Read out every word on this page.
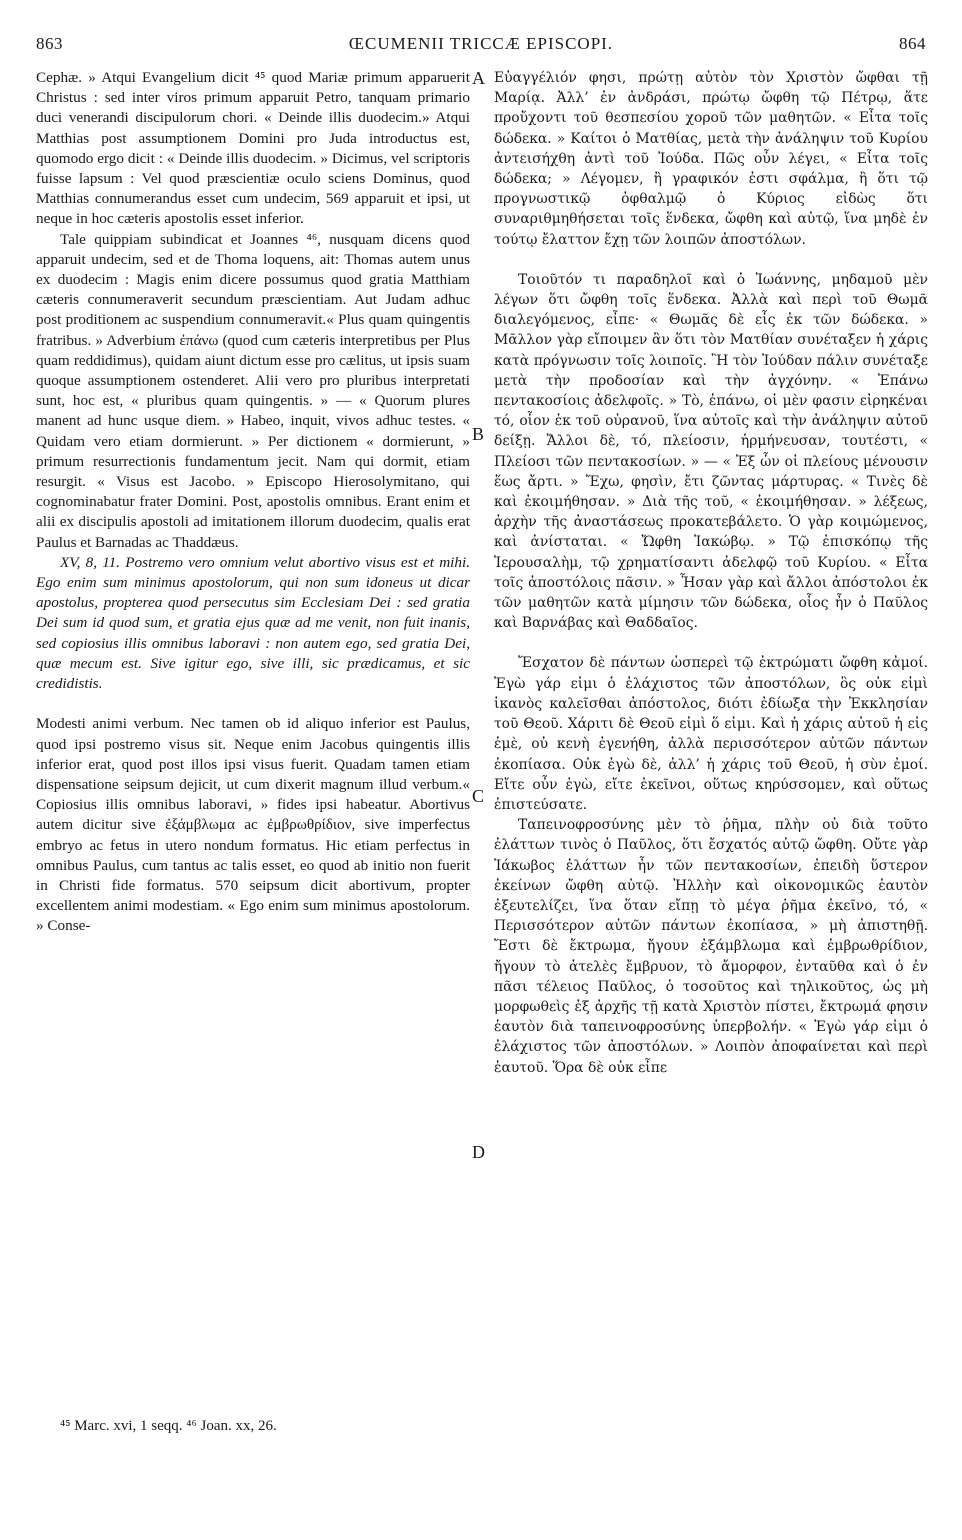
863	ŒCUMENII TRICCÆ EPISCOPI.	864

Cephæ. » Atqui Evangelium dicit ⁴⁵ quod Mariæ primum apparuerit Christus : sed inter viros primum apparuit Petro, tanquam primario duci venerandi discipulorum chori. « Deinde illis duodecim.» Atqui Matthias post assumptionem Domini pro Juda introductus est, quomodo ergo dicit : « Deinde illis duodecim. » Dicimus, vel scriptoris fuisse lapsum : Vel quod præscientiæ oculo sciens Dominus, quod Matthias connumerandus esset cum undecim, 569 apparuit et ipsi, ut neque in hoc cæteris apostolis esset inferior.

Tale quippiam subindicat et Joannes ⁴⁶, nusquam dicens quod apparuit undecim, sed et de Thoma loquens, ait: Thomas autem unus ex duodecim : Magis enim dicere possumus quod gratia Matthiam cæteris connumeraverit secundum præscientiam. Aut Judam adhuc post proditionem ac suspendium connumeravit.« Plus quam quingentis fratribus. » Adverbium ἐπάνω (quod cum cæteris interpretibus per Plus quam reddidimus), quidam aiunt dictum esse pro cælitus, ut ipsis suam quoque assumptionem ostenderet. Alii vero pro pluribus interpretati sunt, hoc est, « pluribus quam quingentis. » — « Quorum plures manent ad hunc usque diem. » Habeo, inquit, vivos adhuc testes. « Quidam vero etiam dormierunt. » Per dictionem « dormierunt, » primum resurrectionis fundamentum jecit. Nam qui dormit, etiam resurgit. « Visus est Jacobo. » Episcopo Hierosolymitano, qui cognominabatur frater Domini. Post, apostolis omnibus. Erant enim et alii ex discipulis apostoli ad imitationem illorum duodecim, qualis erat Paulus et Barnadas ac Thaddæus.

XV, 8, 11. Postremo vero omnium velut abortivo visus est et mihi. Ego enim sum minimus apostolorum, qui non sum idoneus ut dicar apostolus, propterea quod persecutus sim Ecclesiam Dei : sed gratia Dei sum id quod sum, et gratia ejus quæ ad me venit, non fuit inanis, sed copiosius illis omnibus laboravi : non autem ego, sed gratia Dei, quæ mecum est. Sive igitur ego, sive illi, sic prædicamus, et sic credidistis.

Modesti animi verbum. Nec tamen ob id aliquo inferior est Paulus, quod ipsi postremo visus sit. Neque enim Jacobus quingentis illis inferior erat, quod post illos ipsi visus fuerit. Quadam tamen etiam dispensatione seipsum dejicit, ut cum dixerit magnum illud verbum.« Copiosius illis omnibus laboravi, » fides ipsi habeatur. Abortivus autem dicitur sive ἐξάμβλωμα ac ἐμβρωθρίδιον, sive imperfectus embryo ac fetus in utero nondum formatus. Hic etiam perfectus in omnibus Paulus, cum tantus ac talis esset, eo quod ab initio non fuerit in Christi fide formatus. 570 seipsum dicit abortivum, propter excellentem animi modestiam. « Ego enim sum minimus apostolorum. » Conse-

A
B
C
D

Εὐαγγέλιόν φησι, πρώτῃ αὐτὸν τὸν Χριστὸν ὤφθαι τῇ Μαρίᾳ. Ἀλλ’ ἐν ἀνδράσι, πρώτῳ ὤφθη τῷ Πέτρῳ, ἅτε προὔχοντι τοῦ θεσπεσίου χοροῦ τῶν μαθητῶν. « Εἶτα τοῖς δώδεκα. » Καίτοι ὁ Ματθίας, μετὰ τὴν ἀνάληψιν τοῦ Κυρίου ἀντεισήχθη ἀντὶ τοῦ Ἰούδα. Πῶς οὖν λέγει, « Εἶτα τοῖς δώδεκα; » Λέγομεν, ἢ γραφικόν ἐστι σφάλμα, ἢ ὅτι τῷ προγνωστικῷ ὀφθαλμῷ ὁ Κύριος εἰδὼς ὅτι συναριθμηθήσεται τοῖς ἕνδεκα, ὤφθη καὶ αὐτῷ, ἵνα μηδὲ ἐν τούτῳ ἔλαττον ἔχῃ τῶν λοιπῶν ἀποστόλων.

Τοιοῦτόν τι παραδηλοῖ καὶ ὁ Ἰωάννης, μηδαμοῦ μὲν λέγων ὅτι ὤφθη τοῖς ἕνδεκα. Ἀλλὰ καὶ περὶ τοῦ Θωμᾶ διαλεγόμενος, εἶπε· « Θωμᾶς δὲ εἷς ἐκ τῶν δώδεκα. » Μᾶλλον γὰρ εἴποιμεν ἂν ὅτι τὸν Ματθίαν συνέταξεν ἡ χάρις κατὰ πρόγνωσιν τοῖς λοιποῖς. Ἢ τὸν Ἰούδαν πάλιν συνέταξε μετὰ τὴν προδοσίαν καὶ τὴν ἀγχόνην. « Ἐπάνω πεντακοσίοις ἀδελφοῖς. » Τὸ, ἐπάνω, οἱ μὲν φασιν εἰρηκέναι τό, οἷον ἐκ τοῦ οὐρανοῦ, ἵνα αὐτοῖς καὶ τὴν ἀνάληψιν αὐτοῦ δείξῃ. Ἄλλοι δὲ, τό, πλείοσιν, ἡρμήνευσαν, τουτέστι, « Πλείοσι τῶν πεντακοσίων. » — « Ἐξ ὧν οἱ πλείους μένουσιν ἕως ἄρτι. » Ἔχω, φησὶν, ἔτι ζῶντας μάρτυρας. « Τινὲς δὲ καὶ ἐκοιμήθησαν. » Διὰ τῆς τοῦ, « ἐκοιμήθησαν. » λέξεως, ἀρχὴν τῆς ἀναστάσεως προκατεβάλετο. Ὁ γὰρ κοιμώμενος, καὶ ἀνίσταται. « Ὤφθη Ἰακώβῳ. » Τῷ ἐπισκόπῳ τῆς Ἱερουσαλὴμ, τῷ χρηματίσαντι ἀδελφῷ τοῦ Κυρίου. « Εἶτα τοῖς ἀποστόλοις πᾶσιν. » Ἦσαν γὰρ καὶ ἄλλοι ἀπόστολοι ἐκ τῶν μαθητῶν κατὰ μίμησιν τῶν δώδεκα, οἷος ἦν ὁ Παῦλος καὶ Βαρνάβας καὶ Θαδδαῖος.

Ἔσχατον δὲ πάντων ὡσπερεὶ τῷ ἐκτρώματι ὤφθη κἀμοί. Ἐγὼ γάρ εἰμι ὁ ἐλάχιστος τῶν ἀποστόλων, ὃς οὐκ εἰμὶ ἱκανὸς καλεῖσθαι ἀπόστολος, διότι ἐδίωξα τὴν Ἐκκλησίαν τοῦ Θεοῦ. Χάριτι δὲ Θεοῦ εἰμὶ ὅ εἰμι. Καὶ ἡ χάρις αὐτοῦ ἡ εἰς ἐμὲ, οὐ κενὴ ἐγενήθη, ἀλλὰ περισσότερον αὐτῶν πάντων ἐκοπίασα. Οὐκ ἐγὼ δὲ, ἀλλ’ ἡ χάρις τοῦ Θεοῦ, ἡ σὺν ἐμοί. Εἴτε οὖν ἐγὼ, εἴτε ἐκεῖνοι, οὕτως κηρύσσομεν, καὶ οὕτως ἐπιστεύσατε.

Ταπεινοφροσύνης μὲν τὸ ῥῆμα, πλὴν οὐ διὰ τοῦτο ἐλάττων τινὸς ὁ Παῦλος, ὅτι ἔσχατός αὐτῷ ὤφθη. Οὔτε γὰρ Ἰάκωβος ἐλάττων ἦν τῶν πεντακοσίων, ἐπειδὴ ὕστερον ἐκείνων ὤφθη αὐτῷ. Ἠλλὴν καὶ οἰκονομικῶς ἑαυτὸν ἐξευτελίζει, ἵνα ὅταν εἴπῃ τὸ μέγα ῥῆμα ἐκεῖνο, τό, « Περισσότερον αὐτῶν πάντων ἐκοπίασα, » μὴ ἀπιστηθῇ. Ἔστι δὲ ἔκτρωμα, ἤγουν ἐξάμβλωμα καὶ ἐμβρωθρίδιον, ἤγουν τὸ ἀτελὲς ἔμβρυον, τὸ ἄμορφον, ἐνταῦθα καὶ ὁ ἐν πᾶσι τέλειος Παῦλος, ὁ τοσοῦτος καὶ τηλικοῦτος, ὡς μὴ μορφωθεὶς ἐξ ἀρχῆς τῇ κατὰ Χριστὸν πίστει, ἔκτρωμά φησιν ἑαυτὸν διὰ ταπεινοφροσύνης ὑπερβολήν. « Ἐγὼ γάρ εἰμι ὁ ἐλάχιστος τῶν ἀποστόλων. » Λοιπὸν ἀποφαίνεται καὶ περὶ ἑαυτοῦ. Ὅρα δὲ οὐκ εἶπε

⁴⁵ Marc. xvi, 1 seqq. ⁴⁶ Joan. xx, 26.
